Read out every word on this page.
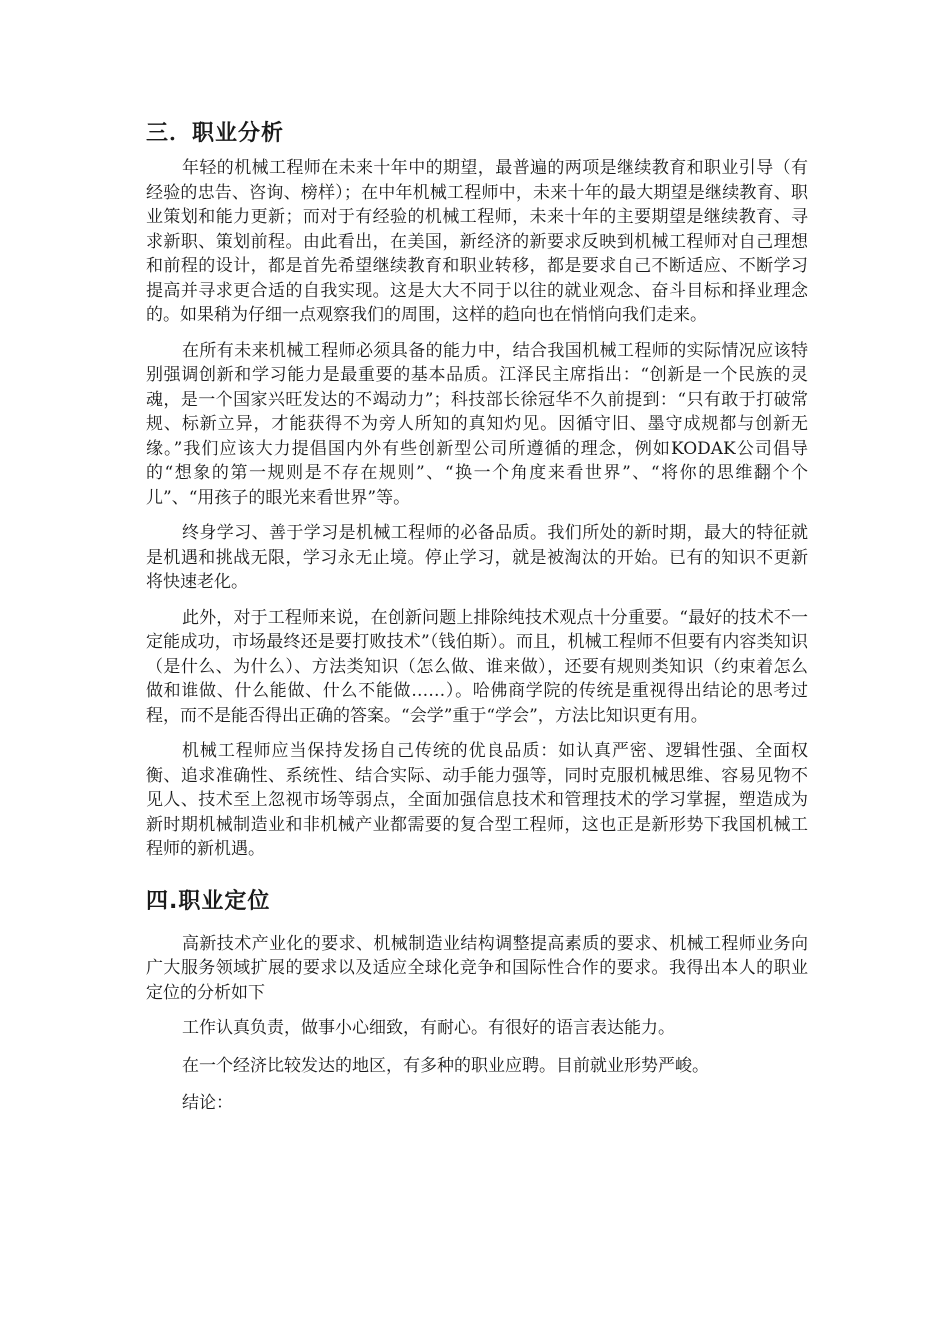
三．职业分析

年轻的机械工程师在未来十年中的期望，最普遍的两项是继续教育和职业引导（有经验的忠告、咨询、榜样）；在中年机械工程师中，未来十年的最大期望是继续教育、职业策划和能力更新；而对于有经验的机械工程师，未来十年的主要期望是继续教育、寻求新职、策划前程。由此看出，在美国，新经济的新要求反映到机械工程师对自己理想和前程的设计，都是首先希望继续教育和职业转移，都是要求自己不断适应、不断学习提高并寻求更合适的自我实现。这是大大不同于以往的就业观念、奋斗目标和择业理念的。如果稍为仔细一点观察我们的周围，这样的趋向也在悄悄向我们走来。

在所有未来机械工程师必须具备的能力中，结合我国机械工程师的实际情况应该特别强调创新和学习能力是最重要的基本品质。江泽民主席指出：“创新是一个民族的灵魂，是一个国家兴旺发达的不竭动力”；科技部长徐冠华不久前提到：“只有敢于打破常规、标新立异，才能获得不为旁人所知的真知灼见。因循守旧、墨守成规都与创新无缘。”我们应该大力提倡国内外有些创新型公司所遵循的理念，例如KODAK公司倡导的“想象的第一规则是不存在规则”、“换一个角度来看世界”、“将你的思维翻个个儿”、“用孩子的眼光来看世界”等。

终身学习、善于学习是机械工程师的必备品质。我们所处的新时期，最大的特征就是机遇和挑战无限，学习永无止境。停止学习，就是被淘汰的开始。已有的知识不更新将快速老化。

此外，对于工程师来说，在创新问题上排除纯技术观点十分重要。“最好的技术不一定能成功，市场最终还是要打败技术”（钱伯斯）。而且，机械工程师不但要有内容类知识（是什么、为什么）、方法类知识（怎么做、谁来做），还要有规则类知识（约束着怎么做和谁做、什么能做、什么不能做……）。哈佛商学院的传统是重视得出结论的思考过程，而不是能否得出正确的答案。“会学”重于“学会”，方法比知识更有用。

机械工程师应当保持发扬自己传统的优良品质：如认真严密、逻辑性强、全面权衡、追求准确性、系统性、结合实际、动手能力强等，同时克服机械思维、容易见物不见人、技术至上忽视市场等弱点，全面加强信息技术和管理技术的学习掌握，塑造成为新时期机械制造业和非机械产业都需要的复合型工程师，这也正是新形势下我国机械工程师的新机遇。

四.职业定位

高新技术产业化的要求、机械制造业结构调整提高素质的要求、机械工程师业务向广大服务领域扩展的要求以及适应全球化竞争和国际性合作的要求。我得出本人的职业定位的分析如下

工作认真负责，做事小心细致，有耐心。有很好的语言表达能力。

在一个经济比较发达的地区，有多种的职业应聘。目前就业形势严峻。

结论：
